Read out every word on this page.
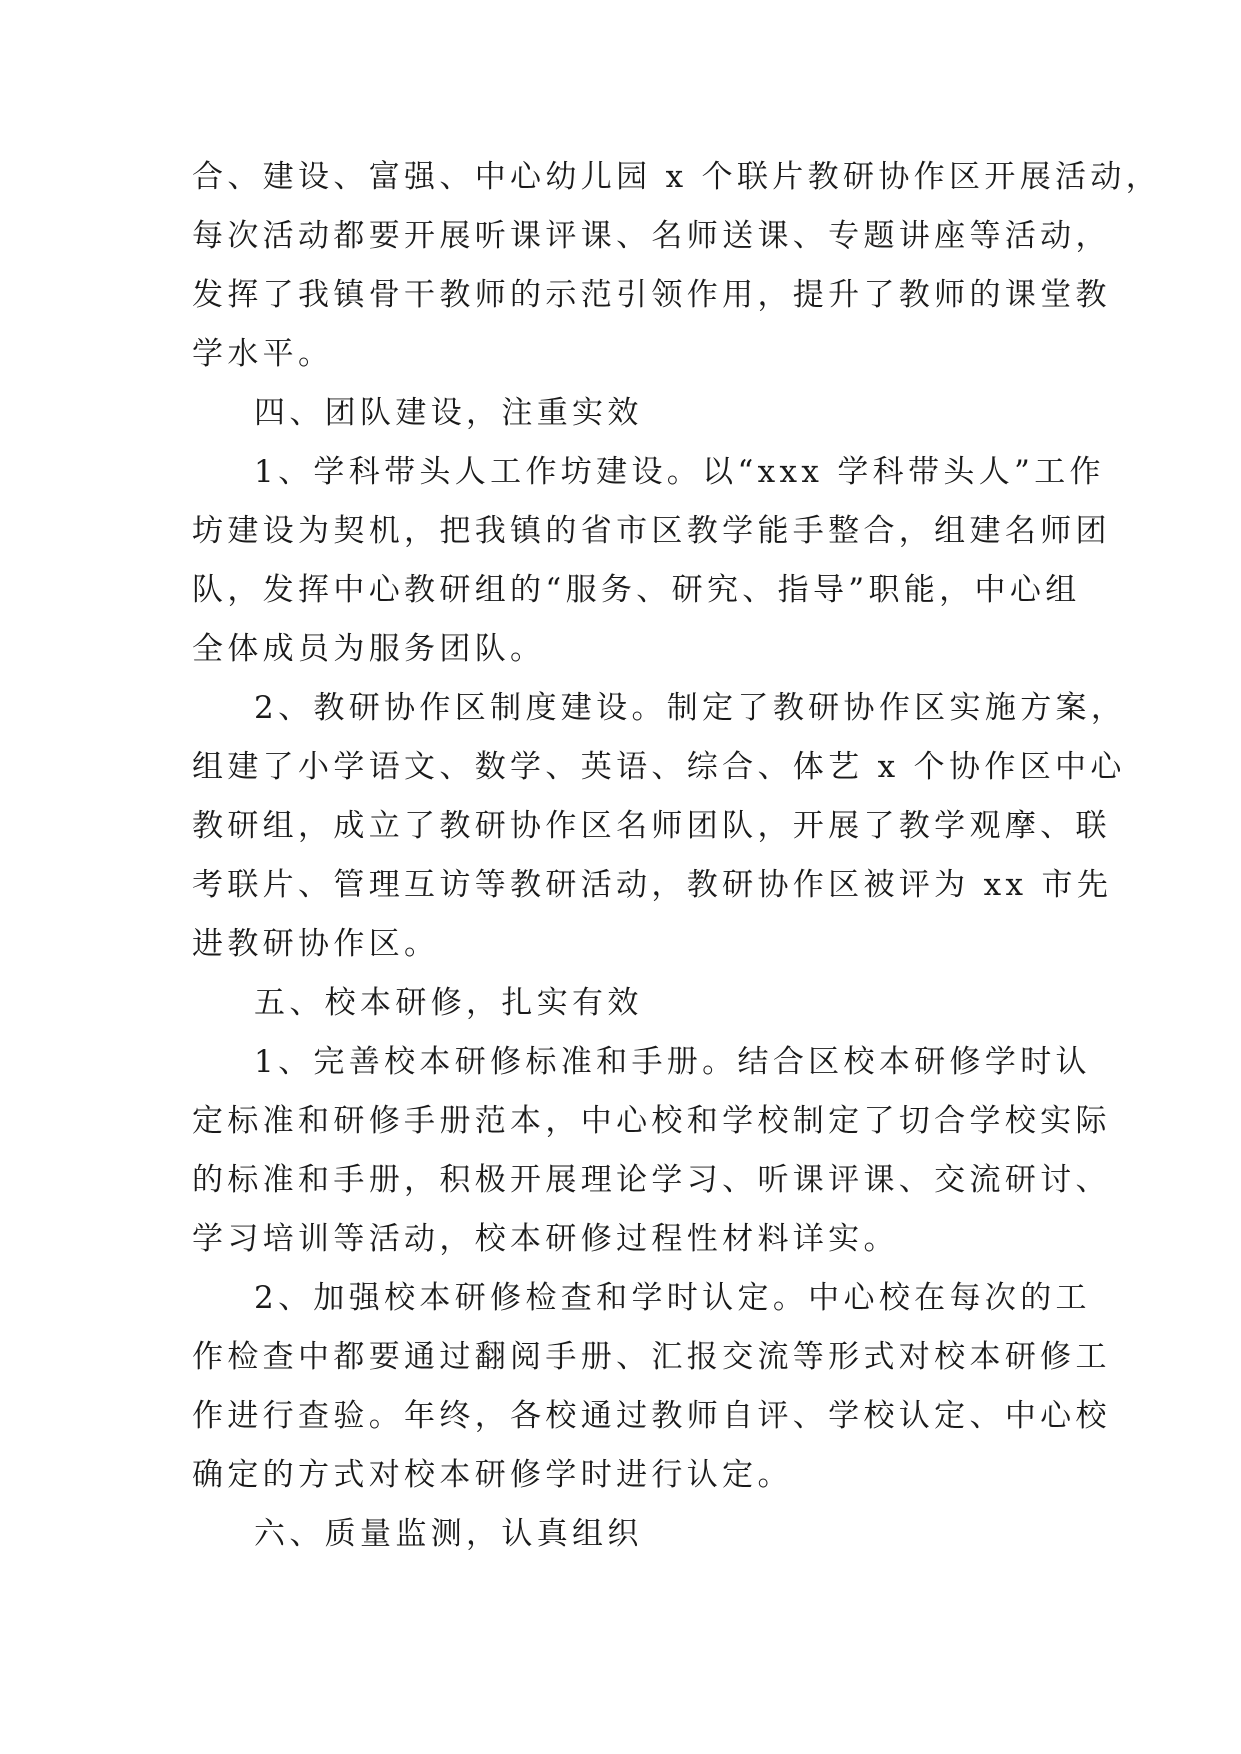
合、建设、富强、中心幼儿园 x 个联片教研协作区开展活动，
每次活动都要开展听课评课、名师送课、专题讲座等活动，
发挥了我镇骨干教师的示范引领作用，提升了教师的课堂教
学水平。
四、团队建设，注重实效
1、学科带头人工作坊建设。以“xxx 学科带头人”工作
坊建设为契机，把我镇的省市区教学能手整合，组建名师团
队，发挥中心教研组的“服务、研究、指导”职能，中心组
全体成员为服务团队。
2、教研协作区制度建设。制定了教研协作区实施方案，
组建了小学语文、数学、英语、综合、体艺 x 个协作区中心
教研组，成立了教研协作区名师团队，开展了教学观摩、联
考联片、管理互访等教研活动，教研协作区被评为 xx 市先
进教研协作区。
五、校本研修，扎实有效
1、完善校本研修标准和手册。结合区校本研修学时认
定标准和研修手册范本，中心校和学校制定了切合学校实际
的标准和手册，积极开展理论学习、听课评课、交流研讨、
学习培训等活动，校本研修过程性材料详实。
2、加强校本研修检查和学时认定。中心校在每次的工
作检查中都要通过翻阅手册、汇报交流等形式对校本研修工
作进行查验。年终，各校通过教师自评、学校认定、中心校
确定的方式对校本研修学时进行认定。
六、质量监测，认真组织
